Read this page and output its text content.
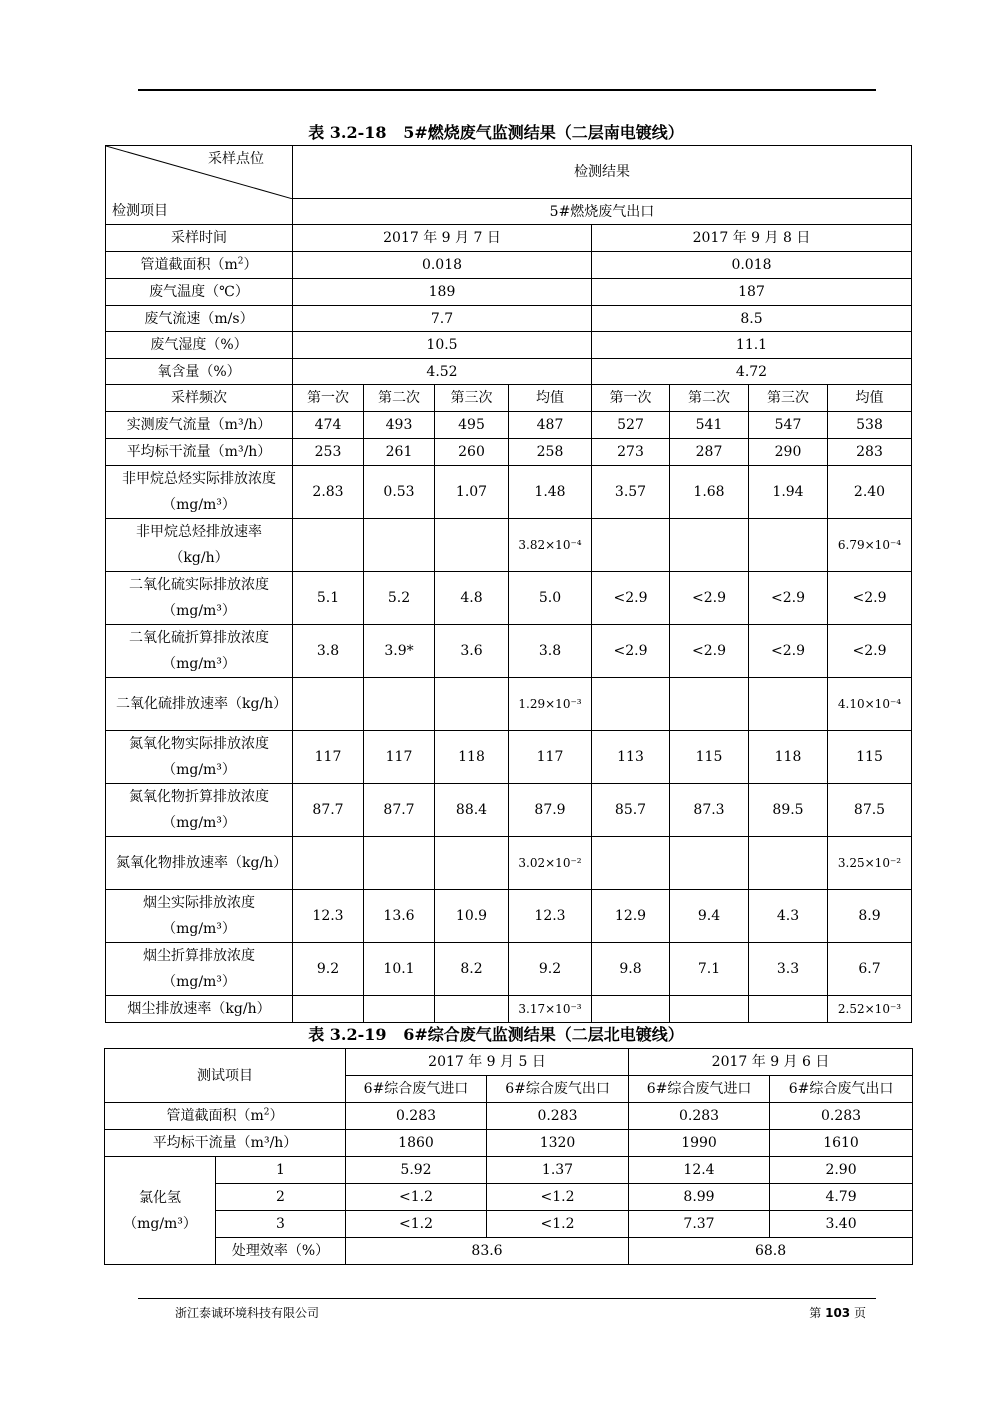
表 3.2-18 5#燃烧废气监测结果（二层南电镀线）
采样点位
检测项目	检测结果							
	5#燃烧废气出口							
采样时间	2017 年 9 月 7 日				2017 年 9 月 8 日			
管道截面积$(m^2)$	0.018				0.018			
废气温度（℃）	189				187			
废气流速（m/s）	7.7				8.5			
废气湿度（%）	10.5				11.1			
氧含量（%）	4.52				4.72			
采样频次	第一次	第二次	第三次	均值	第一次	第二次	第三次	均值
实测废气流量（m³/h）	474	493	495	487	527	541	547	538
平均标干流量（m³/h）	253	261	260	258	273	287	290	283
非甲烷总烃实际排放浓度（mg/m³）	2.83	0.53	1.07	1.48	3.57	1.68	1.94	2.40
非甲烷总烃排放速率（kg/h）				3.82×10⁻⁴				6.79×10⁻⁴
二氧化硫实际排放浓度（mg/m³）	5.1	5.2	4.8	5.0	<2.9	<2.9	<2.9	<2.9
二氧化硫折算排放浓度（mg/m³）	3.8	3.9*	3.6	3.8	<2.9	<2.9	<2.9	<2.9
二氧化硫排放速率（kg/h）				1.29×10⁻³				4.10×10⁻⁴
氮氧化物实际排放浓度（mg/m³）	117	117	118	117	113	115	118	115
氮氧化物折算排放浓度（mg/m³）	87.7	87.7	88.4	87.9	85.7	87.3	89.5	87.5
氮氧化物排放速率（kg/h）				3.02×10⁻²				3.25×10⁻²
烟尘实际排放浓度（mg/m³）	12.3	13.6	10.9	12.3	12.9	9.4	4.3	8.9
烟尘折算排放浓度（mg/m³）	9.2	10.1	8.2	9.2	9.8	7.1	3.3	6.7
烟尘排放速率（kg/h）				3.17×10⁻³				2.52×10⁻³
表 3.2-19 6#综合废气监测结果（二层北电镀线）
测试项目		2017 年 9 月 5 日		2017 年 9 月 6 日	
		6#综合废气进口	6#综合废气出口	6#综合废气进口	6#综合废气出口
管道截面积$(m^2)$		0.283	0.283	0.283	0.283
平均标干流量（m³/h）		1860	1320	1990	1610

氯化氢
（mg/m³）	1	5.92	1.37	12.4	2.90
	2	<1.2	<1.2	8.99	4.79
	3	<1.2	<1.2	7.37	3.40
	处理效率（%）	83.6		68.8	
浙江泰诚环境科技有限公司	第 103 页
